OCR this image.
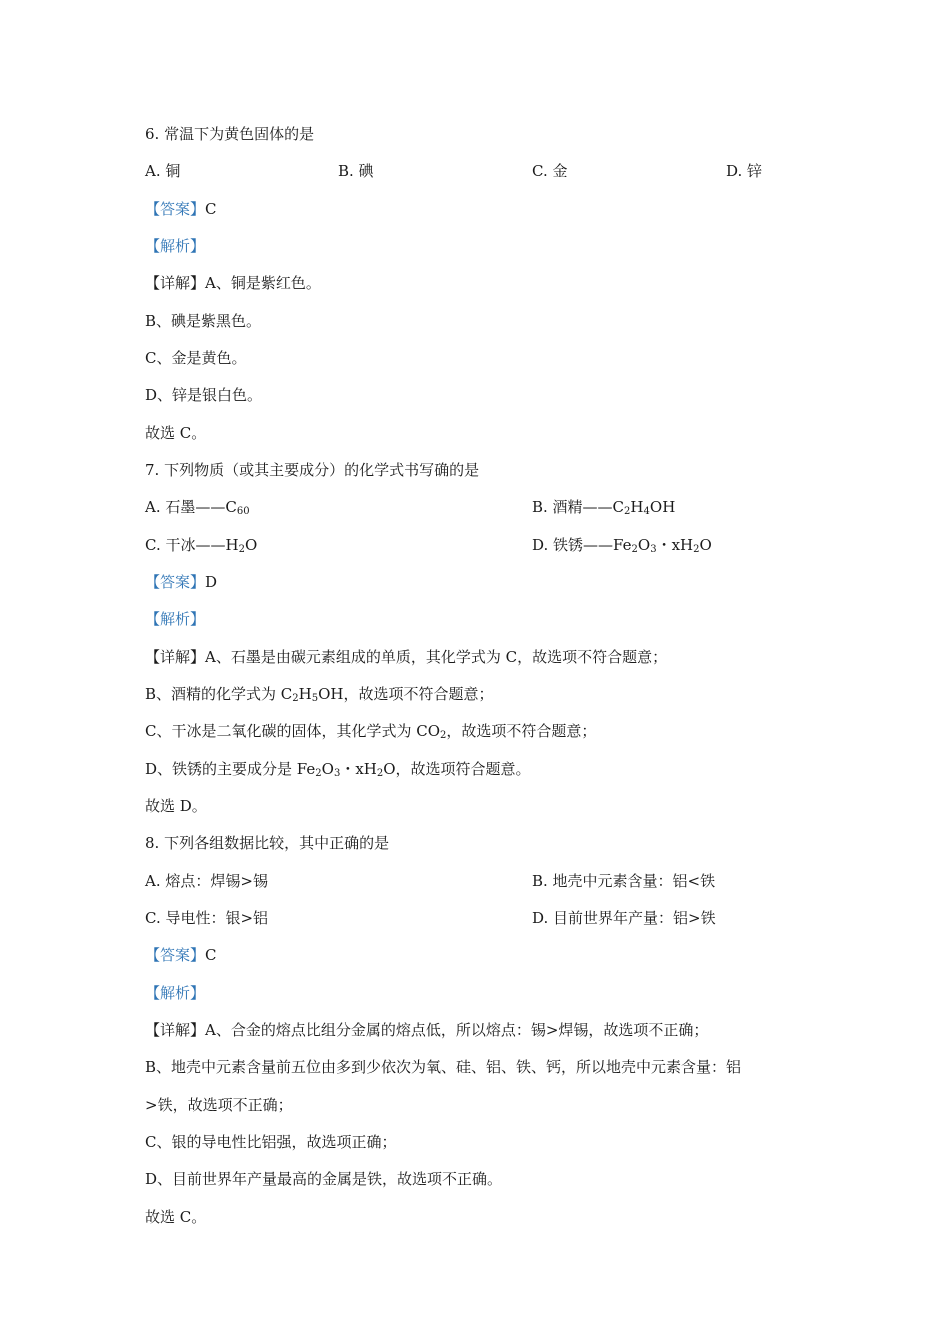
6. 常温下为黄色固体的是
A. 铜	B. 碘	C. 金	D. 锌
【答案】C
【解析】
【详解】A、铜是紫红色。
B、碘是紫黑色。
C、金是黄色。
D、锌是银白色。
故选 C。
7. 下列物质（或其主要成分）的化学式书写确的是
A. 石墨$——C_{60}$	B. 酒精$——C_2H_4OH$
C. 干冰$——H_2O$	D. 铁锈$——Fe_2O_3$・$xH_2O$
【答案】D
【解析】
【详解】A、石墨是由碳元素组成的单质，其化学式为 C，故选项不符合题意；
B、酒精的化学式为 $C_2H_5OH$，故选项不符合题意；
C、干冰是二氧化碳的固体，其化学式为 $CO_2$，故选项不符合题意；
D、铁锈的主要成分是 $Fe_2O_3$・$xH_2O$，故选项符合题意。
故选 D。
8. 下列各组数据比较，其中正确的是
A. 熔点：焊锡>锡	B. 地壳中元素含量：铝<铁
C. 导电性：银>铝	D. 目前世界年产量：铝>铁
【答案】C
【解析】
【详解】A、合金的熔点比组分金属的熔点低，所以熔点：锡>焊锡，故选项不正确；
B、地壳中元素含量前五位由多到少依次为氧、硅、铝、铁、钙，所以地壳中元素含量：铝
>铁，故选项不正确；
C、银的导电性比铝强，故选项正确；
D、目前世界年产量最高的金属是铁，故选项不正确。
故选 C。
